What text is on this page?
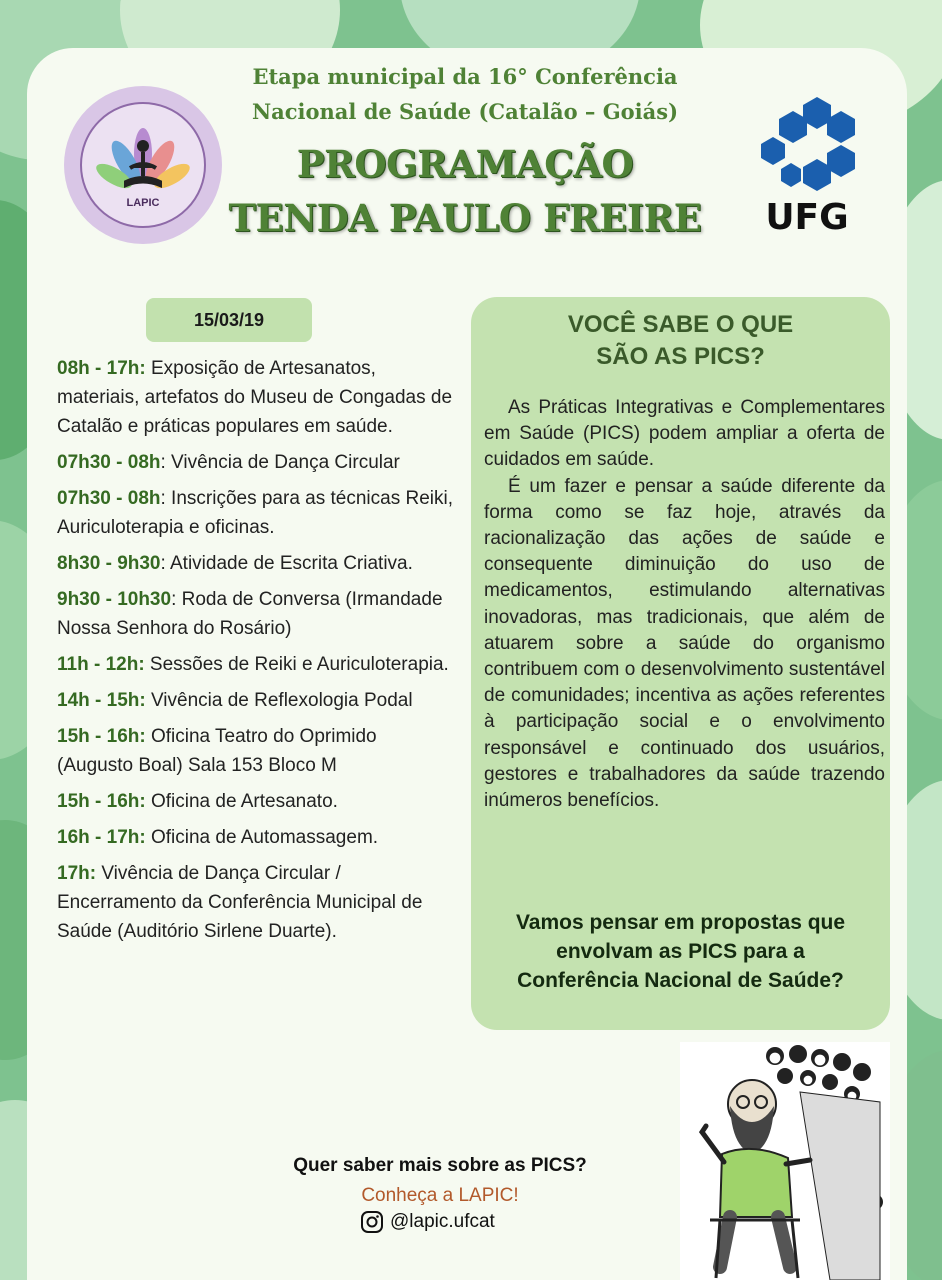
LAPIC	UFG

Etapa municipal da 16° Conferência

Nacional de Saúde (Catalão – Goiás)

PROGRAMAÇÃO
TENDA PAULO FREIRE
15/03/19
08h - 17h: Exposição de Artesanatos, materiais, artefatos do Museu de Congadas de Catalão e práticas populares em saúde.
07h30 - 08h: Vivência de Dança Circular
07h30 - 08h: Inscrições para as técnicas Reiki, Auriculoterapia e oficinas.
8h30 - 9h30: Atividade de Escrita Criativa.
9h30 - 10h30: Roda de Conversa (Irmandade Nossa Senhora do Rosário)
11h - 12h: Sessões de Reiki e Auriculoterapia.
14h - 15h: Vivência de Reflexologia Podal
15h - 16h: Oficina Teatro do Oprimido (Augusto Boal) Sala 153 Bloco M
15h - 16h: Oficina de Artesanato.
16h - 17h: Oficina de Automassagem.
17h: Vivência de Dança Circular / Encerramento da Conferência Municipal de Saúde (Auditório Sirlene Duarte).
VOCÊ SABE O QUE
SÃO AS PICS?

As Práticas Integrativas e Complementares em Saúde (PICS) podem ampliar a oferta de cuidados em saúde.

É um fazer e pensar a saúde diferente da forma como se faz hoje, através da racionalização das ações de saúde e consequente diminuição do uso de medicamentos, estimulando alternativas inovadoras, mas tradicionais, que além de atuarem sobre a saúde do organismo contribuem com o desenvolvimento sustentável de comunidades; incentiva as ações referentes à participação social e o envolvimento responsável e continuado dos usuários, gestores e trabalhadores da saúde trazendo inúmeros benefícios.

Vamos pensar em propostas que
envolvam as PICS para a
Conferência Nacional de Saúde?
Quer saber mais sobre as PICS?
Conheça a LAPIC!
@lapic.ufcat
